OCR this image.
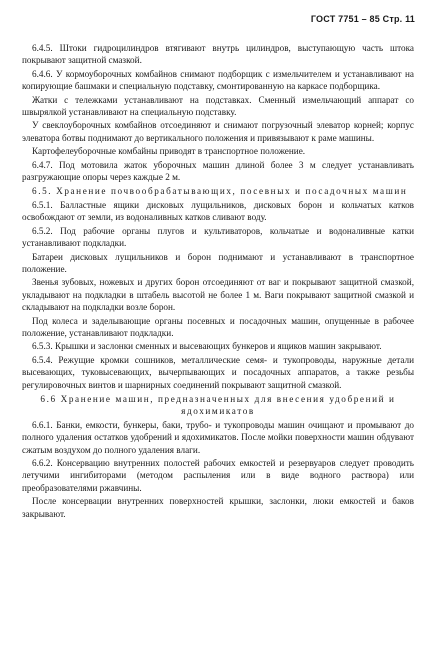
ГОСТ 7751 – 85 Стр. 11

6.4.5. Штоки гидроцилиндров втягивают внутрь цилиндров, выступающую часть штока покрывают защитной смазкой.

6.4.6. У кормоуборочных комбайнов снимают подборщик с измельчителем и устанавливают на копирующие башмаки и специальную подставку, смонтированную на каркасе подборщика.

Жатки с тележками устанавливают на подставках. Сменный измельчающий аппарат со швырялкой устанавливают на специальную подставку.

У свеклоуборочных комбайнов отсоединяют и снимают погрузочный элеватор корней; корпус элеватора ботвы поднимают до вертикального положения и привязывают к раме машины.

Картофелеуборочные комбайны приводят в транспортное положение.

6.4.7. Под мотовила жаток уборочных машин длиной более 3 м следует устанавливать разгружающие опоры через каждые 2 м.

6.5. Хранение почвообрабатывающих, посевных и посадочных машин

6.5.1. Балластные ящики дисковых лущильников, дисковых борон и кольчатых катков освобождают от земли, из водоналивных катков сливают воду.

6.5.2. Под рабочие органы плугов и культиваторов, кольчатые и водоналивные катки устанавливают подкладки.

Батареи дисковых лущильников и борон поднимают и устанавливают в транспортное положение.

Звенья зубовых, ножевых и других борон отсоединяют от ваг и покрывают защитной смазкой, укладывают на подкладки в штабель высотой не более 1 м. Ваги покрывают защитной смазкой и складывают на подкладки возле борон.

Под колеса и заделывающие органы посевных и посадочных машин, опущенные в рабочее положение, устанавливают подкладки.

6.5.3. Крышки и заслонки сменных и высевающих бункеров и ящиков машин закрывают.

6.5.4. Режущие кромки сошников, металлические семя- и тукопроводы, наружные детали высевающих, туковысевающих, вычерпывающих и посадочных аппаратов, а также резьбы регулировочных винтов и шарнирных соединений покрывают защитной смазкой.

6.6 Хранение машин, предназначенных для внесения удобрений и ядохимикатов

6.6.1. Банки, емкости, бункеры, баки, трубо- и тукопроводы машин очищают и промывают до полного удаления остатков удобрений и ядохимикатов. После мойки поверхности машин обдувают сжатым воздухом до полного удаления влаги.

6.6.2. Консервацию внутренних полостей рабочих емкостей и резервуаров следует проводить летучими ингибиторами (методом распыления или в виде водного раствора) или преобразователями ржавчины.

После консервации внутренних поверхностей крышки, заслонки, люки емкостей и баков закрывают.
